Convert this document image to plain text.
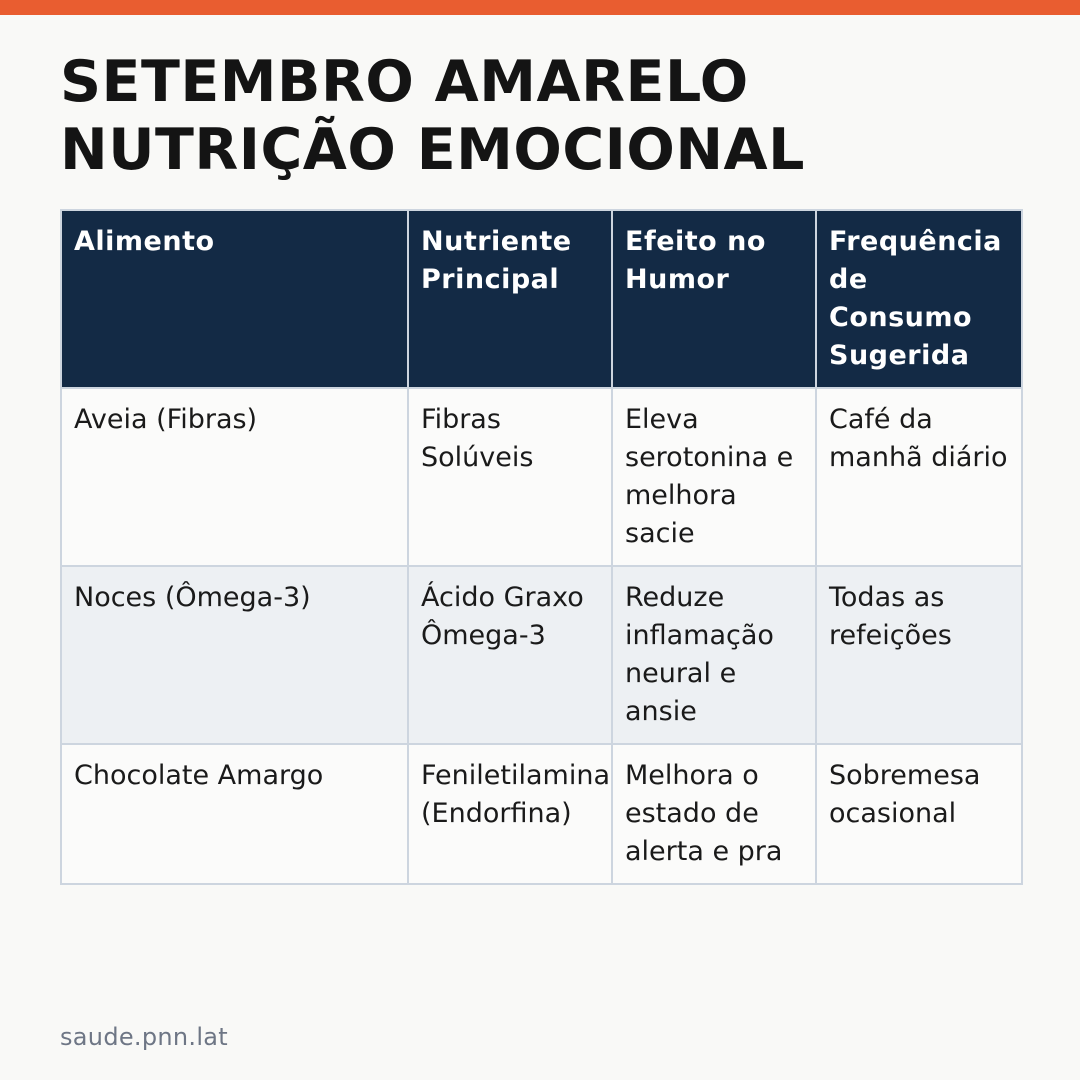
SETEMBRO AMARELO
NUTRIÇÃO EMOCIONAL
Alimento	Nutriente Principal	Efeito no Humor	Frequência de Consumo Sugerida
Aveia (Fibras)	Fibras Solúveis	Eleva serotonina e melhora sacie	Café da manhã diário
Noces (Ômega-3)	Ácido Graxo Ômega-3	Reduze inflamação neural e ansie	Todas as refeições
Chocolate Amargo	Feniletilamina (Endorfina)	Melhora o estado de alerta e pra	Sobremesa ocasional
saude.pnn.lat
